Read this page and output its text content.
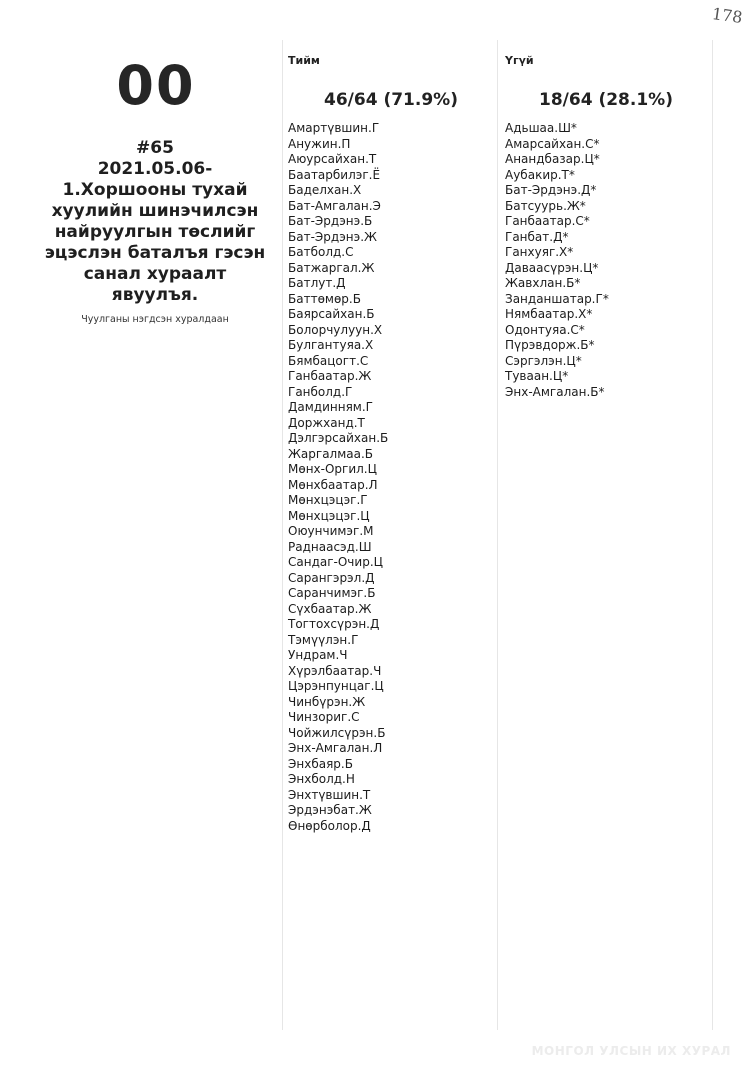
178
00
#65
2021.05.06-1.Хоршооны тухай хуулийн шинэчилсэн найруулгын төслийг эцэслэн баталъя гэсэн санал хураалт явуулъя.
Чуулганы нэгдсэн хуралдаан
Тийм
46/64 (71.9%)
Амартүвшин.Г
Анужин.П
Аюурсайхан.Т
Баатарбилэг.Ё
Баделхан.Х
Бат-Амгалан.Э
Бат-Эрдэнэ.Б
Бат-Эрдэнэ.Ж
Батболд.С
Батжаргал.Ж
Батлут.Д
Баттөмөр.Б
Баярсайхан.Б
Болорчулуун.Х
Булгантуяа.Х
Бямбацогт.С
Ганбаатар.Ж
Ганболд.Г
Дамдинням.Г
Доржханд.Т
Дэлгэрсайхан.Б
Жаргалмаа.Б
Мөнх-Оргил.Ц
Мөнхбаатар.Л
Мөнхцэцэг.Г
Мөнхцэцэг.Ц
Оюунчимэг.М
Раднаасэд.Ш
Сандаг-Очир.Ц
Сарангэрэл.Д
Саранчимэг.Б
Сүхбаатар.Ж
Тогтохсүрэн.Д
Тэмүүлэн.Г
Ундрам.Ч
Хүрэлбаатар.Ч
Цэрэнпунцаг.Ц
Чинбүрэн.Ж
Чинзориг.С
Чойжилсүрэн.Б
Энх-Амгалан.Л
Энхбаяр.Б
Энхболд.Н
Энхтүвшин.Т
Эрдэнэбат.Ж
Өнөрболор.Д
Үгүй
18/64 (28.1%)
Адьшаа.Ш*
Амарсайхан.С*
Анандбазар.Ц*
Аубакир.Т*
Бат-Эрдэнэ.Д*
Батсуурь.Ж*
Ганбаатар.С*
Ганбат.Д*
Ганхуяг.Х*
Даваасүрэн.Ц*
Жавхлан.Б*
Занданшатар.Г*
Нямбаатар.Х*
Одонтуяа.С*
Пүрэвдорж.Б*
Сэргэлэн.Ц*
Туваан.Ц*
Энх-Амгалан.Б*
МОНГОЛ УЛСЫН ИХ ХУРАЛ
